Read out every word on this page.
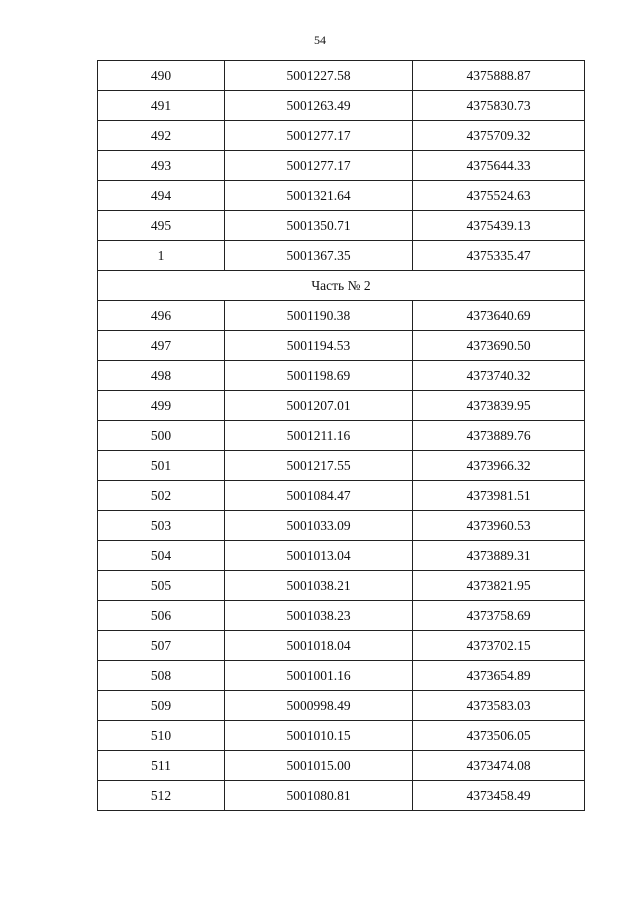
54
490	5001227.58	4375888.87
491	5001263.49	4375830.73
492	5001277.17	4375709.32
493	5001277.17	4375644.33
494	5001321.64	4375524.63
495	5001350.71	4375439.13
1	5001367.35	4375335.47
Часть № 2		
496	5001190.38	4373640.69
497	5001194.53	4373690.50
498	5001198.69	4373740.32
499	5001207.01	4373839.95
500	5001211.16	4373889.76
501	5001217.55	4373966.32
502	5001084.47	4373981.51
503	5001033.09	4373960.53
504	5001013.04	4373889.31
505	5001038.21	4373821.95
506	5001038.23	4373758.69
507	5001018.04	4373702.15
508	5001001.16	4373654.89
509	5000998.49	4373583.03
510	5001010.15	4373506.05
511	5001015.00	4373474.08
512	5001080.81	4373458.49
